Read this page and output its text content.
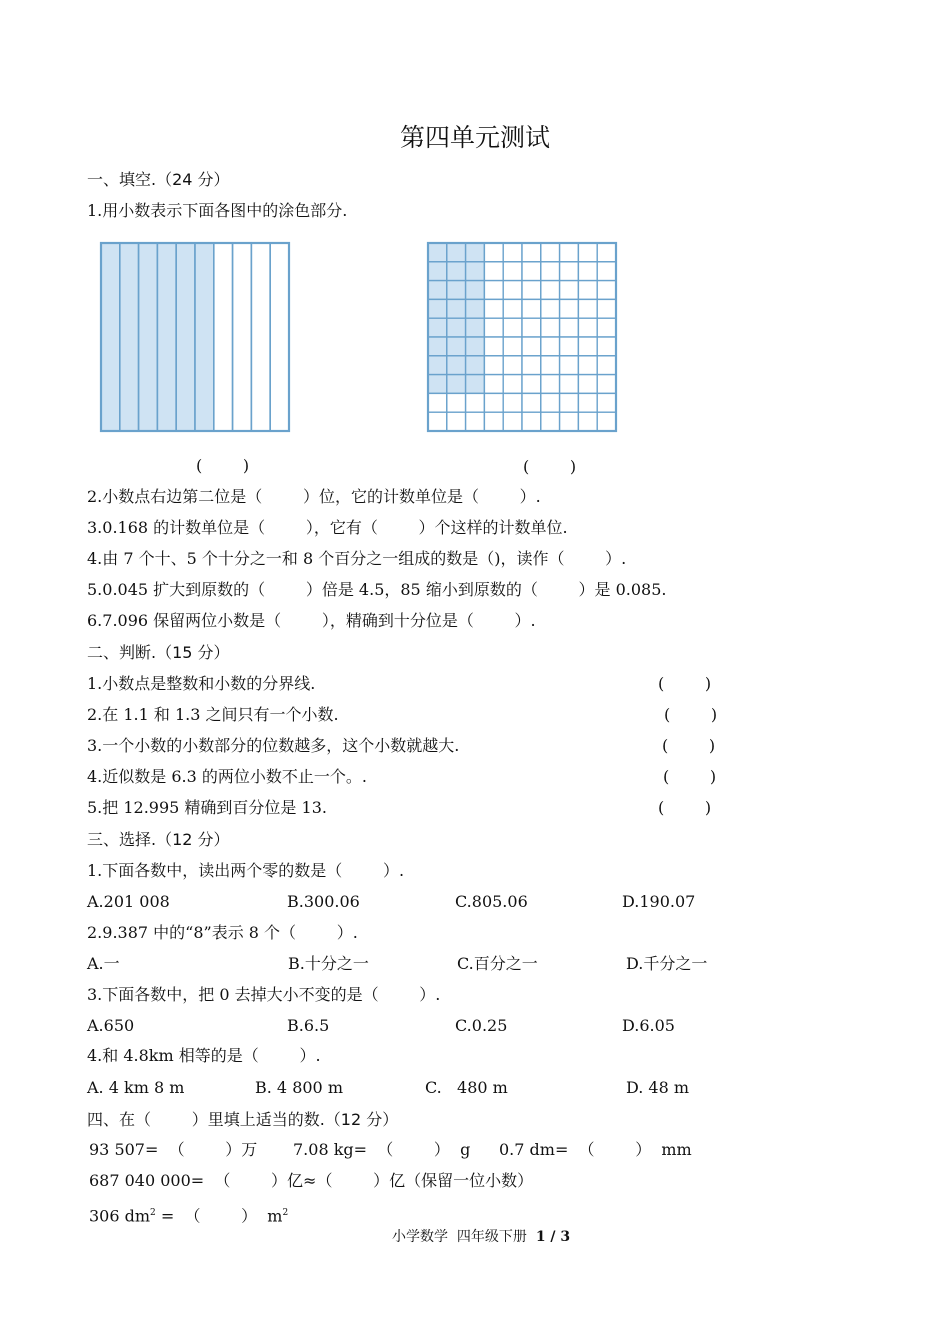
第四单元测试
一、填空.（24 分）
1.用小数表示下面各图中的涂色部分.
(        )	(        )
2.小数点右边第二位是（        ）位，它的计数单位是（        ）.
3.0.168 的计数单位是（        ），它有（        ）个这样的计数单位.
4.由 7 个十、5 个十分之一和 8 个百分之一组成的数是（)，读作（        ）.
5.0.045 扩大到原数的（        ）倍是 4.5，85 缩小到原数的（        ）是 0.085.
6.7.096 保留两位小数是（        ），精确到十分位是（        ）.
二、判断.（15 分）
1.小数点是整数和小数的分界线.	(        )
2.在 1.1 和 1.3 之间只有一个小数.	(        )
3.一个小数的小数部分的位数越多，这个小数就越大.	(        )
4.近似数是 6.3 的两位小数不止一个。.	(        )
5.把 12.995 精确到百分位是 13.	(        )
三、选择.（12 分）
1.下面各数中，读出两个零的数是（        ）.
A.201 008	B.300.06	C.805.06	D.190.07
2.9.387 中的“8”表示 8 个（        ）.
A.一	B.十分之一	C.百分之一	D.千分之一
3.下面各数中，把 0 去掉大小不变的是（        ）.
A.650	B.6.5	C.0.25	D.6.05
4.和 4.8km 相等的是（        ）.
A. 4 km 8 m	B. 4 800 m	C.   480 m	D. 48 m
四、在（        ）里填上适当的数.（12 分）
93 507=  （        ）万 7.08 kg=  （        ）  g 0.7 dm=  （        ）  mm
687 040 000=  （        ）亿≈（        ）亿（保留一位小数）
306 $dm^2$ =  （        ）  $m^2$
小学数学  四年级下册  1 / 3
